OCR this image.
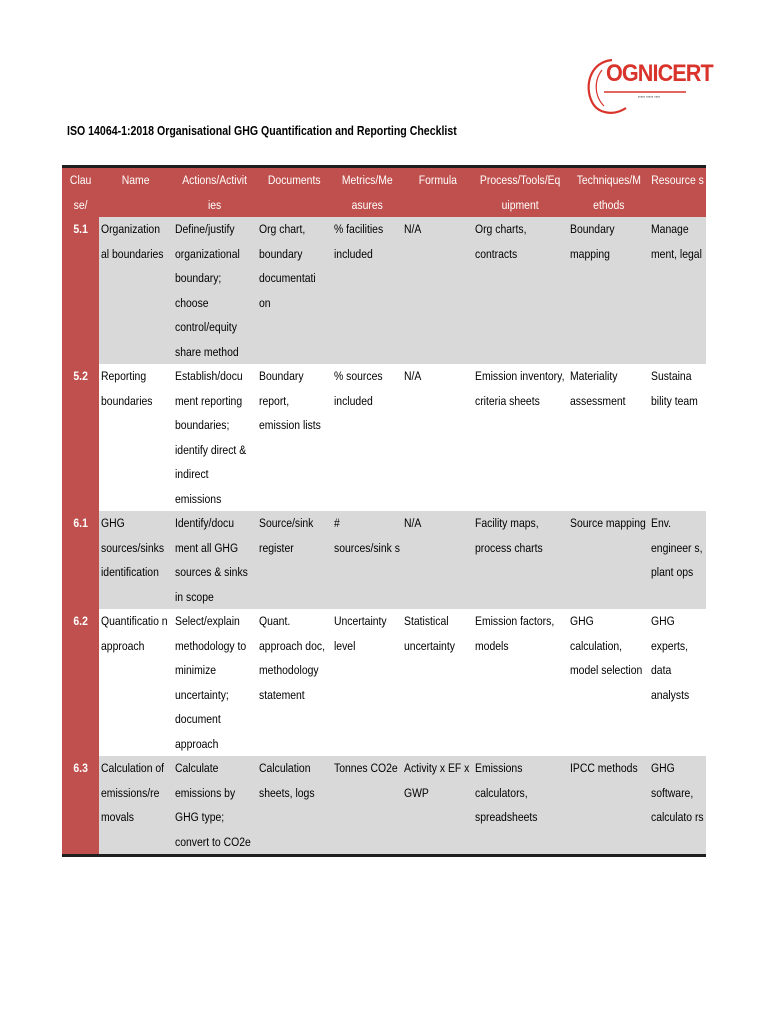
OGNICERT
▪▪▪▪▪ ▪▪▪▪▪ ▪▪▪▪
ISO 14064-1:2018 Organisational GHG Quantification and Reporting Checklist
Clau se/	Name	Actions/Activit ies	Documents	Metrics/Me asures	Formula	Process/Tools/Eq uipment	Techniques/M ethods	Resource s

5.1	Organization al boundaries	Define/justify organizational boundary; choose control/equity share method	Org chart, boundary documentati on	% facilities included	N/A	Org charts, contracts	Boundary mapping	Manage ment, legal

5.2	Reporting boundaries	Establish/docu ment reporting boundaries; identify direct & indirect emissions	Boundary report, emission lists	% sources included	N/A	Emission inventory, criteria sheets	Materiality assessment	Sustaina bility team

6.1	GHG sources/sinks identification	Identify/docu ment all GHG sources & sinks in scope	Source/sink register	# sources/sink s	N/A	Facility maps, process charts	Source mapping	Env. engineer s, plant ops

6.2	Quantificatio n approach	Select/explain methodology to minimize uncertainty; document approach	Quant. approach doc, methodology statement	Uncertainty level	Statistical uncertainty	Emission factors, models	GHG calculation, model selection	GHG experts, data analysts

6.3	Calculation of emissions/re movals	Calculate emissions by GHG type; convert to CO2e	Calculation sheets, logs	Tonnes CO2e	Activity x EF x GWP	Emissions calculators, spreadsheets	IPCC methods	GHG software, calculato rs
